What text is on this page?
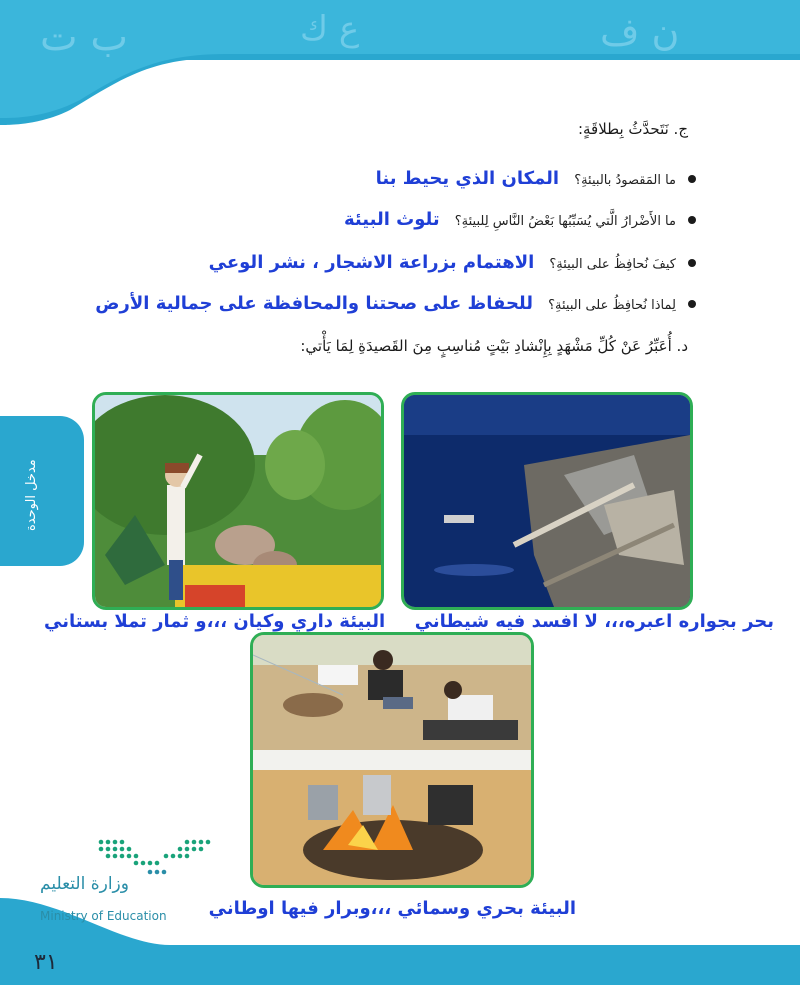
ب ت	ع ك	ن ف
مدخل الوحدة
ج. نَتَحدَّثُ بِطلاقَةٍ:
ما المَقصودُ بالبيئةِ؟ المكان الذي يحيط بنا
ما الأَضْرارُ الَّتي يُسَبِّبُها بَعْضُ النَّاسِ لِلبيئةِ؟ تلوث البيئة
كيفَ نُحافِظُ على البيئةِ؟ الاهتمام بزراعة الاشجار ، نشر الوعي
لِماذا نُحافِظُ على البيئةِ؟ للحفاظ على صحتنا والمحافظة على جمالية الأرض
د. أُعَبِّرُ عَنْ كُلِّ مَشْهَدٍ بِإِنْشادِ بَيْتٍ مُناسِبٍ مِنَ القَصيدَةِ لِمَا يَأْتي:
بحر بجواره اعبره،،، لا افسد فيه شيطاني
البيئة داري وكيان ،،،و ثمار تملا بستاني
البيئة بحري وسمائي ،،،وبرار فيها اوطاني
٣١
وزارة التعليم
Ministry of Education
